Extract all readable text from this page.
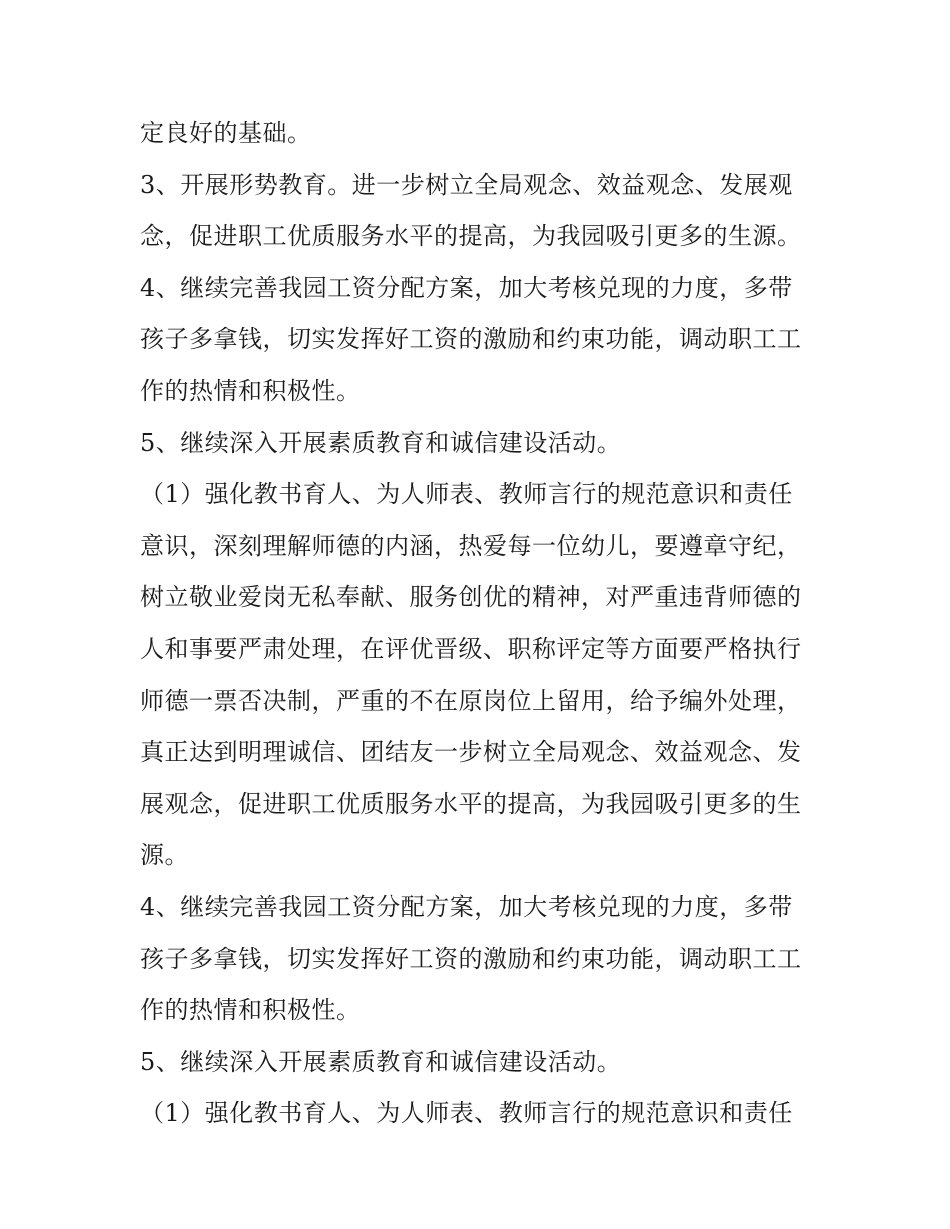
定良好的基础。
3、开展形势教育。进一步树立全局观念、效益观念、发展观
念，促进职工优质服务水平的提高，为我园吸引更多的生源。
4、继续完善我园工资分配方案，加大考核兑现的力度，多带
孩子多拿钱，切实发挥好工资的激励和约束功能，调动职工工
作的热情和积极性。
5、继续深入开展素质教育和诚信建设活动。
（1）强化教书育人、为人师表、教师言行的规范意识和责任
意识，深刻理解师德的内涵，热爱每一位幼儿，要遵章守纪，
树立敬业爱岗无私奉献、服务创优的精神，对严重违背师德的
人和事要严肃处理，在评优晋级、职称评定等方面要严格执行
师德一票否决制，严重的不在原岗位上留用，给予编外处理，
真正达到明理诚信、团结友一步树立全局观念、效益观念、发
展观念，促进职工优质服务水平的提高，为我园吸引更多的生
源。
4、继续完善我园工资分配方案，加大考核兑现的力度，多带
孩子多拿钱，切实发挥好工资的激励和约束功能，调动职工工
作的热情和积极性。
5、继续深入开展素质教育和诚信建设活动。
（1）强化教书育人、为人师表、教师言行的规范意识和责任
